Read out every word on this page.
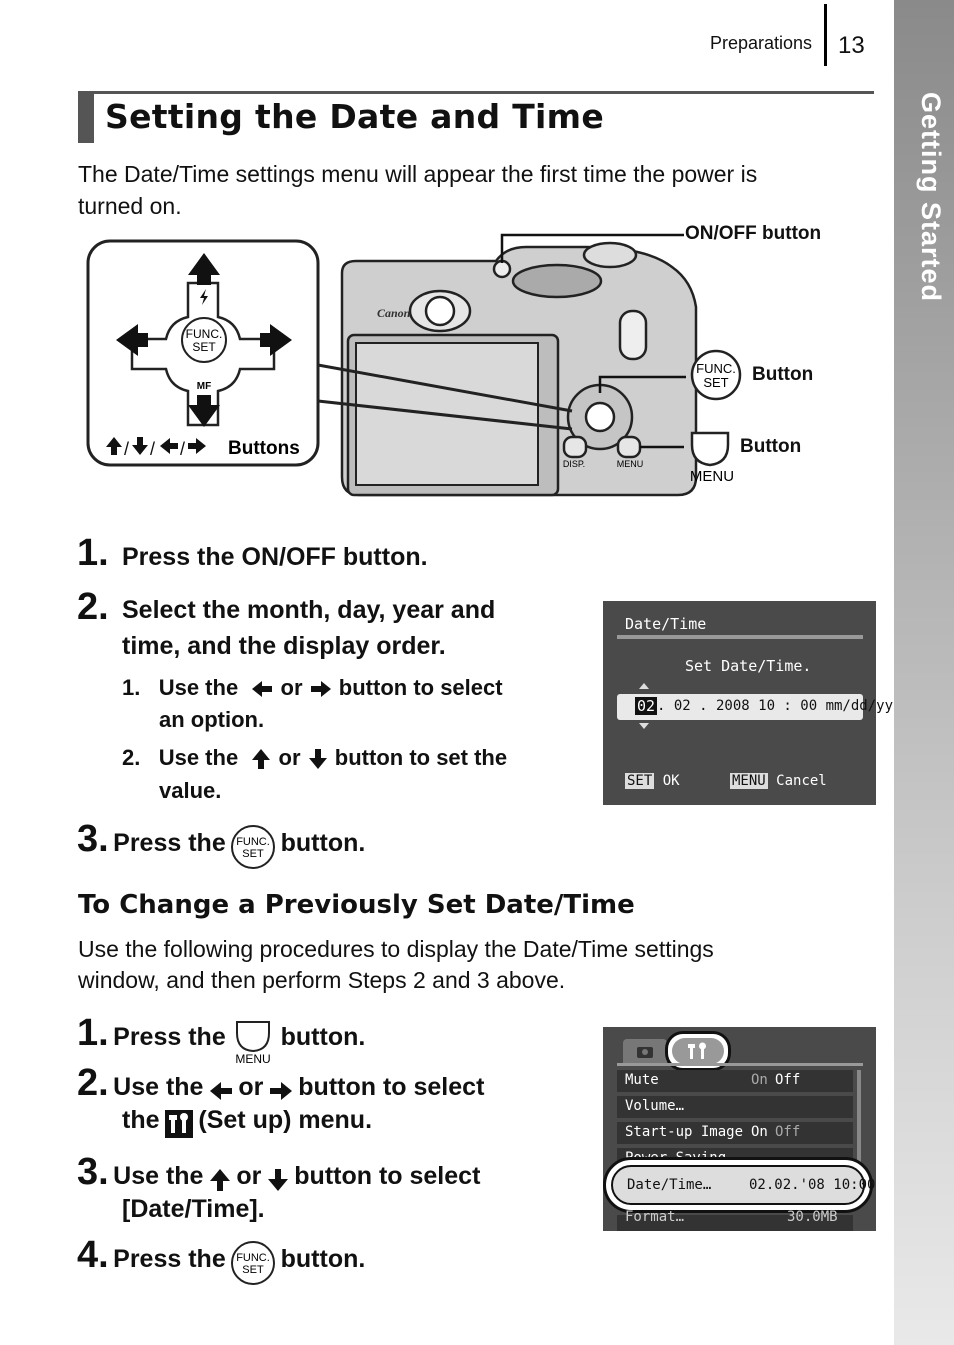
Getting Started
Preparations 13
Setting the Date and Time
The Date/Time settings menu will appear the first time the power is
turned on.
FUNC.
SET
MF
/ / / Buttons
Canon
DISP.	MENU
FUNC.
SET
MENU
ON/OFF button
Button
Button
1. Press the ON/OFF button.
2. Select the month, day, year and
time, and the display order.
1. Use the or button to select
an option.
2. Use the or button to set the
value.
3. Press the FUNC.
SET button.
Date/Time
Set Date/Time.
02 . 02 . 2008 10 : 00 mm/dd/yy
SET OK	MENU Cancel
To Change a Previously Set Date/Time
Use the following procedures to display the Date/Time settings
window, and then perform Steps 2 and 3 above.
1. Press the
MENU
button.
2. Use the or button to select
the (Set up) menu.
3. Use the or button to select
[Date/Time].
4. Press the FUNC.
SET button.
Mute	On Off
Volume…
Start-up Image On Off
Date/Time…	02.02.'08 10:00
Format…	30.0MB
